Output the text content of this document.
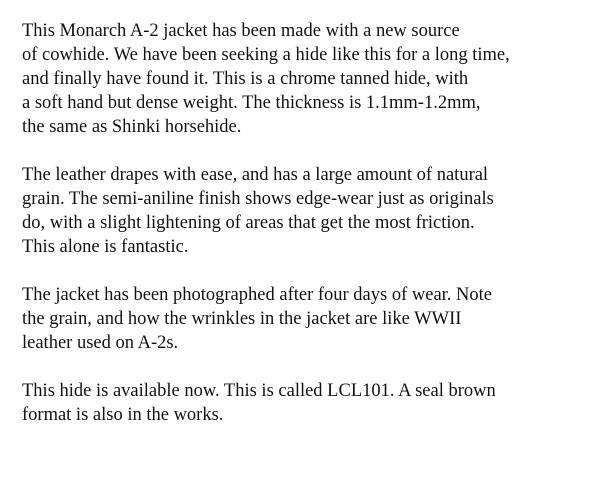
This Monarch A-2 jacket has been made with a new source
of cowhide. We have been seeking a hide like this for a long time,
and finally have found it. This is a chrome tanned hide, with
a soft hand but dense weight. The thickness is 1.1mm-1.2mm,
the same as Shinki horsehide.

The leather drapes with ease, and has a large amount of natural
grain. The semi-aniline finish shows edge-wear just as originals
do, with a slight lightening of areas that get the most friction.
This alone is fantastic.

The jacket has been photographed after four days of wear. Note
the grain, and how the wrinkles in the jacket are like WWII
leather used on A-2s.

This hide is available now. This is called LCL101. A seal brown
format is also in the works.
